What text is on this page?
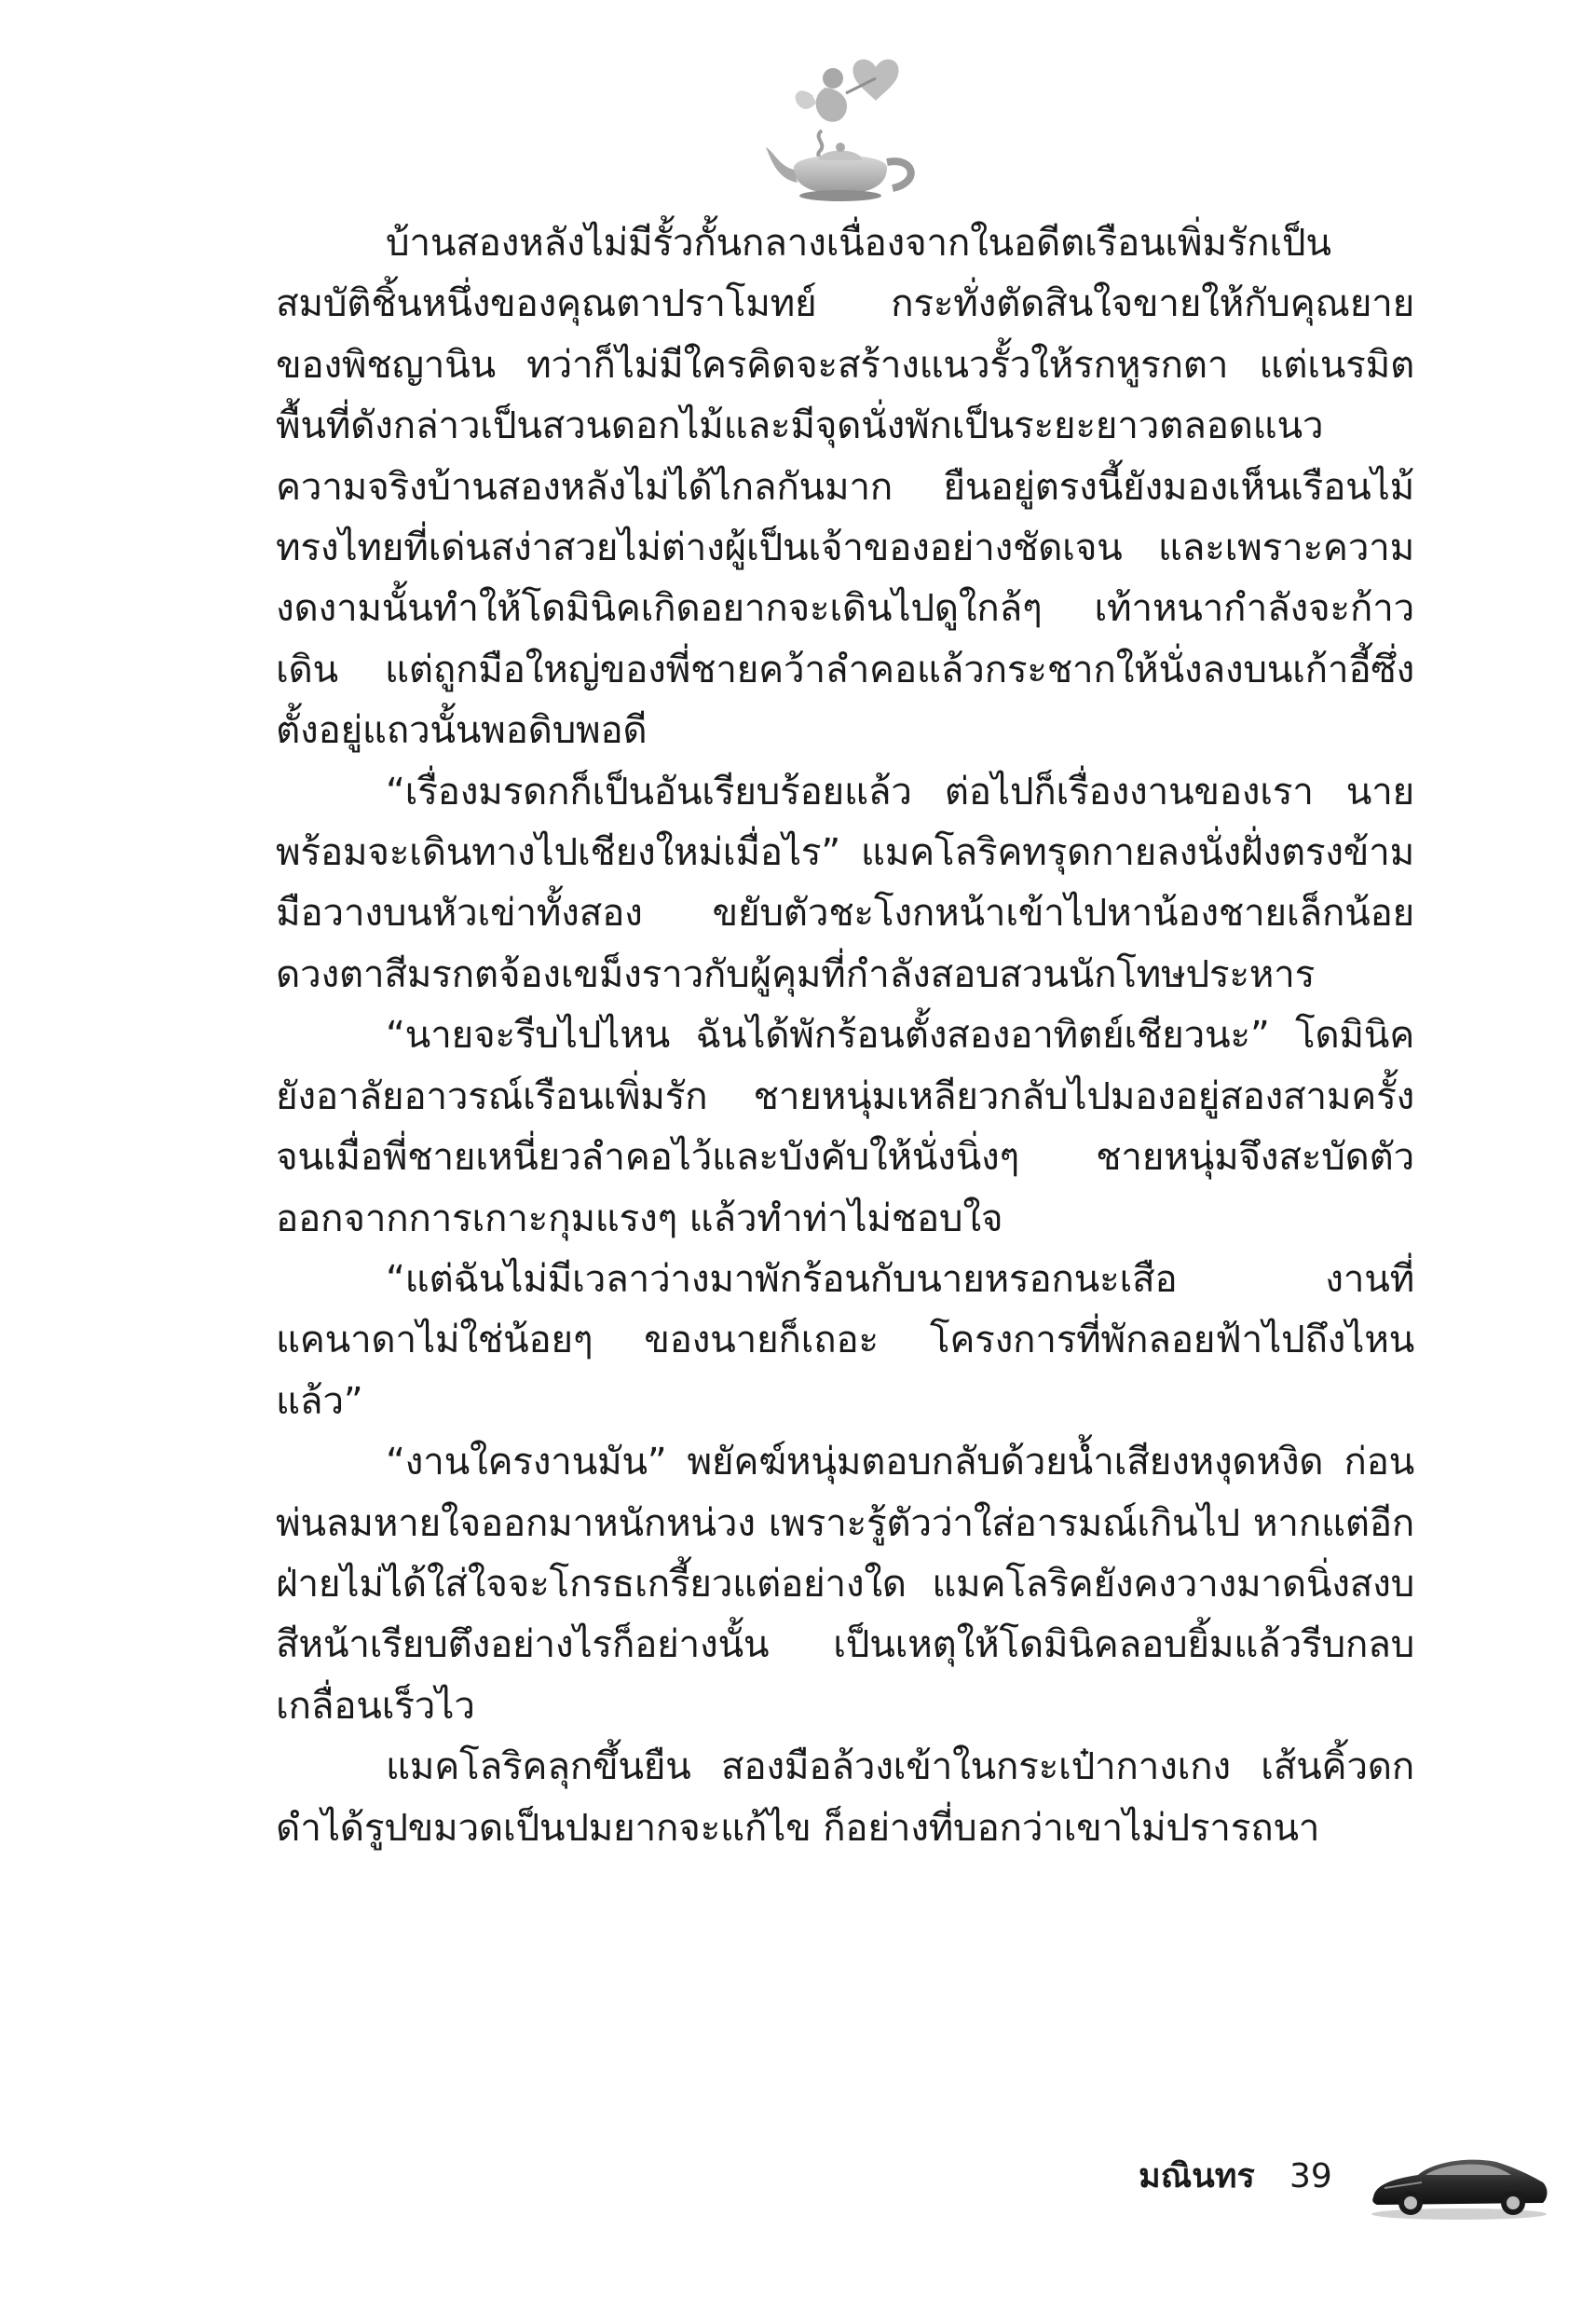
บ้านสองหลังไม่มีรั้วกั้นกลางเนื่องจากในอดีตเรือนเพิ่มรักเป็นสมบัติชิ้นหนึ่งของคุณตาปราโมทย์ กระทั่งตัดสินใจขายให้กับคุณยายของพิชญานิน ทว่าก็ไม่มีใครคิดจะสร้างแนวรั้วให้รกหูรกตา แต่เนรมิตพื้นที่ดังกล่าวเป็นสวนดอกไม้และมีจุดนั่งพักเป็นระยะยาวตลอดแนว ความจริงบ้านสองหลังไม่ได้ไกลกันมาก ยืนอยู่ตรงนี้ยังมองเห็นเรือนไม้ทรงไทยที่เด่นสง่าสวยไม่ต่างผู้เป็นเจ้าของอย่างชัดเจน และเพราะความงดงามนั้นทำให้โดมินิคเกิดอยากจะเดินไปดูใกล้ๆ เท้าหนากำลังจะก้าวเดิน แต่ถูกมือใหญ่ของพี่ชายคว้าลำคอแล้วกระชากให้นั่งลงบนเก้าอี้ซึ่งตั้งอยู่แถวนั้นพอดิบพอดี

“เรื่องมรดกก็เป็นอันเรียบร้อยแล้ว ต่อไปก็เรื่องงานของเรา นายพร้อมจะเดินทางไปเชียงใหม่เมื่อไร” แมคโลริคทรุดกายลงนั่งฝั่งตรงข้าม มือวางบนหัวเข่าทั้งสอง ขยับตัวชะโงกหน้าเข้าไปหาน้องชายเล็กน้อย ดวงตาสีมรกตจ้องเขม็งราวกับผู้คุมที่กำลังสอบสวนนักโทษประหาร

“นายจะรีบไปไหน ฉันได้พักร้อนตั้งสองอาทิตย์เชียวนะ” โดมินิคยังอาลัยอาวรณ์เรือนเพิ่มรัก ชายหนุ่มเหลียวกลับไปมองอยู่สองสามครั้ง จนเมื่อพี่ชายเหนี่ยวลำคอไว้และบังคับให้นั่งนิ่งๆ ชายหนุ่มจึงสะบัดตัวออกจากการเกาะกุมแรงๆ แล้วทำท่าไม่ชอบใจ

“แต่ฉันไม่มีเวลาว่างมาพักร้อนกับนายหรอกนะเสือ งานที่แคนาดาไม่ใช่น้อยๆ ของนายก็เถอะ โครงการที่พักลอยฟ้าไปถึงไหนแล้ว”

“งานใครงานมัน” พยัคฆ์หนุ่มตอบกลับด้วยน้ำเสียงหงุดหงิด ก่อนพ่นลมหายใจออกมาหนักหน่วง เพราะรู้ตัวว่าใส่อารมณ์เกินไป หากแต่อีกฝ่ายไม่ได้ใส่ใจจะโกรธเกรี้ยวแต่อย่างใด แมคโลริคยังคงวางมาดนิ่งสงบ สีหน้าเรียบตึงอย่างไรก็อย่างนั้น เป็นเหตุให้โดมินิคลอบยิ้มแล้วรีบกลบเกลื่อนเร็วไว

แมคโลริคลุกขึ้นยืน สองมือล้วงเข้าในกระเป๋ากางเกง เส้นคิ้วดกดำได้รูปขมวดเป็นปมยากจะแก้ไข ก็อย่างที่บอกว่าเขาไม่ปรารถนา

มณินทร 39
